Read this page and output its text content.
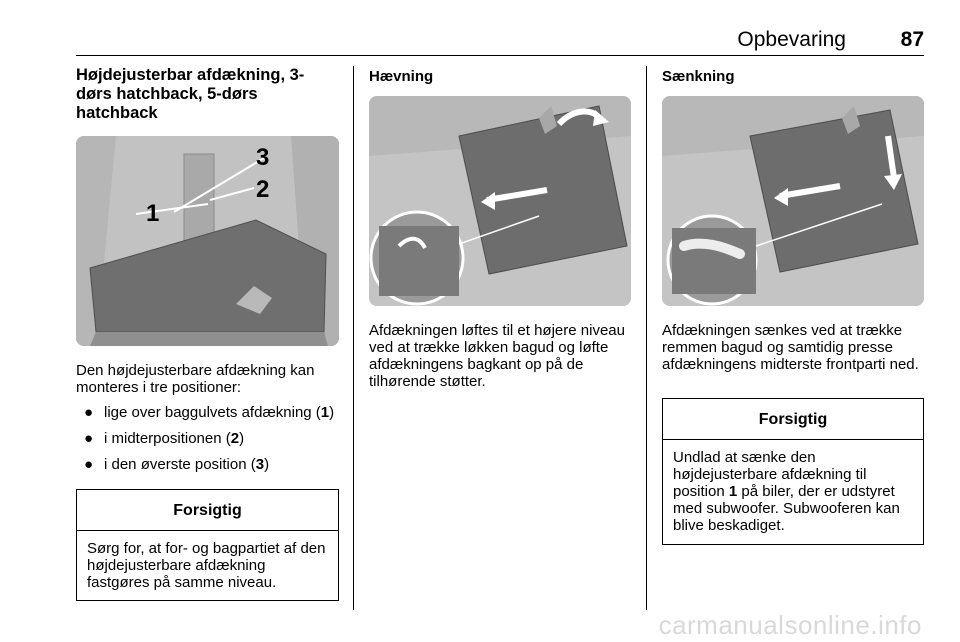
Opbevaring	87
Højdejusterbar afdækning, 3-dørs hatchback, 5-dørs hatchback
3
2
1
Den højdejusterbare afdækning kan monteres i tre positioner:
● lige over baggulvets afdækning (1)
● i midterpositionen (2)
● i den øverste position (3)
Forsigtig
Sørg for, at for- og bagpartiet af den højdejusterbare afdækning fastgøres på samme niveau.
Hævning
Afdækningen løftes til et højere niveau ved at trække løkken bagud og løfte afdækningens bagkant op på de tilhørende støtter.
Sænkning
Afdækningen sænkes ved at trække remmen bagud og samtidig presse afdækningens midterste frontparti ned.
Forsigtig
Undlad at sænke den højdejusterbare afdækning til position 1 på biler, der er udstyret med subwoofer. Subwooferen kan blive beskadiget.
carmanualsonline.info
